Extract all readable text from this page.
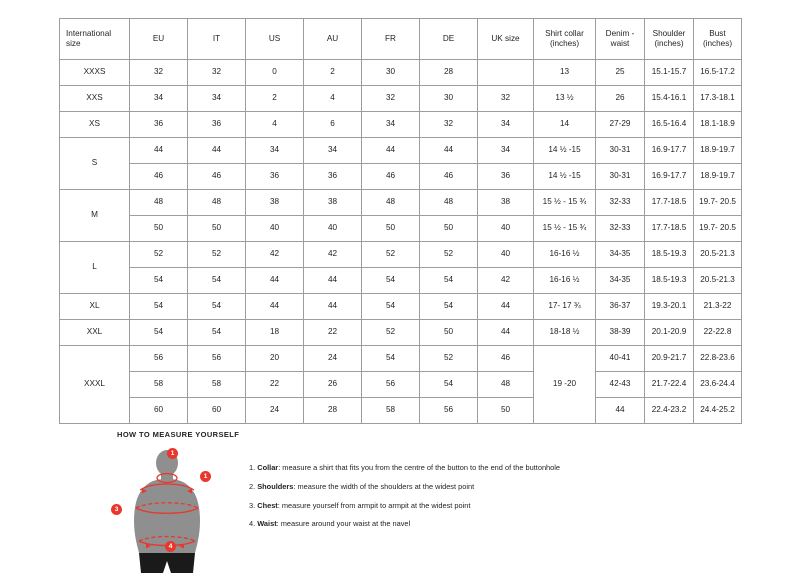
International size	EU	IT	US	AU	FR	DE	UK size	Shirt collar (inches)	Denim - waist	Shoulder (inches)	Bust (inches)
XXXS	32	32	0	2	30	28		13	25	15.1-15.7	16.5-17.2
XXS	34	34	2	4	32	30	32	13 ½	26	15.4-16.1	17.3-18.1
XS	36	36	4	6	34	32	34	14	27-29	16.5-16.4	18.1-18.9
S	44	44	34	34	44	44	34	14 ½ -15	30-31	16.9-17.7	18.9-19.7
	46	46	36	36	46	46	36	14 ½ -15	30-31	16.9-17.7	18.9-19.7
M	48	48	38	38	48	48	38	15 ½ - 15 ¾	32-33	17.7-18.5	19.7- 20.5
	50	50	40	40	50	50	40	15 ½ - 15 ¾	32-33	17.7-18.5	19.7- 20.5
L	52	52	42	42	52	52	40	16-16 ½	34-35	18.5-19.3	20.5-21.3
	54	54	44	44	54	54	42	16-16 ½	34-35	18.5-19.3	20.5-21.3
XL	54	54	44	44	54	54	44	17- 17 ¾	36-37	19.3-20.1	21.3-22
XXL	54	54	18	22	52	50	44	18-18 ½	38-39	20.1-20.9	22-22.8
XXXL	56	56	20	24	54	52	46	19 -20	40-41	20.9-21.7	22.8-23.6
	58	58	22	26	56	54	48		42-43	21.7-22.4	23.6-24.4
	60	60	24	28	58	56	50		44	22.4-23.2	24.4-25.2
HOW TO MEASURE YOURSELF
1
1
3
4
1. Collar: measure a shirt that fits you from the centre of the button to the end of the buttonhole
2. Shoulders: measure the width of the shoulders at the widest point
3. Chest: measure yourself from armpit to armpit at the widest point
4. Waist: measure around your waist at the navel
